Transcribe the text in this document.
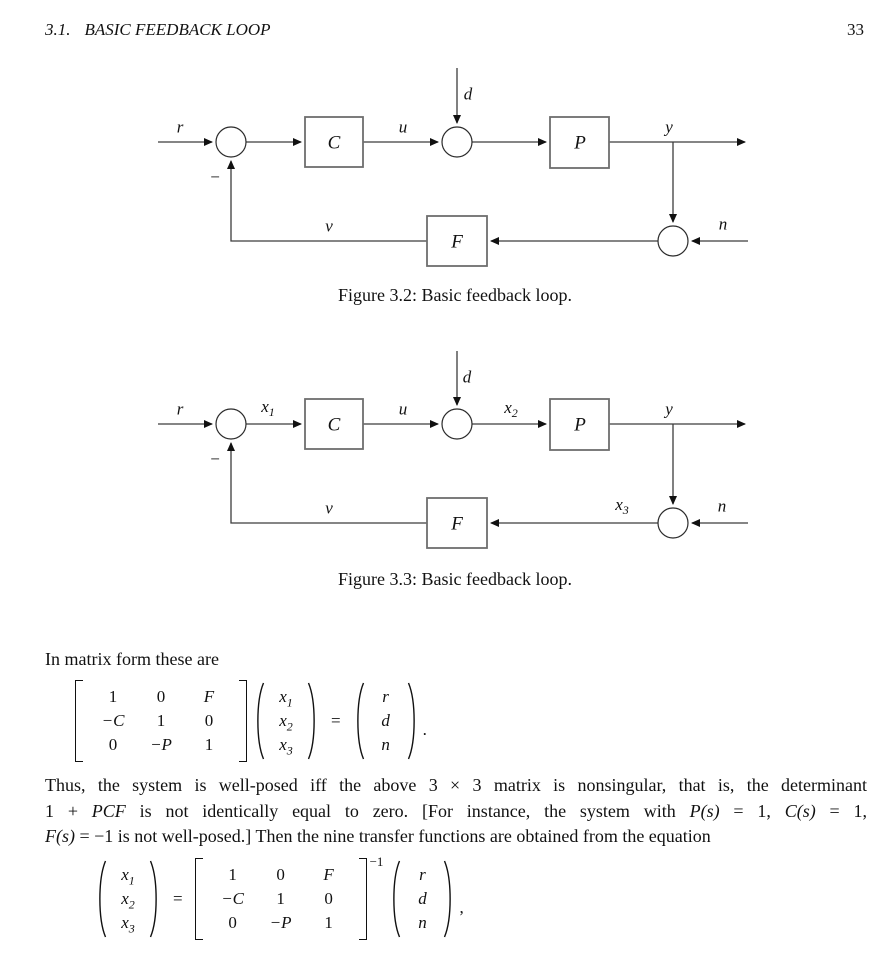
3.1. BASIC FEEDBACK LOOP	33
r	u
d
y
n
v
−
C	P
F
Figure 3.2: Basic feedback loop.
r	$x_1$	u
d
$x_2$	y
$x_3$	n
v
−
C	P
F
Figure 3.3: Basic feedback loop.
In matrix form these are
1	0	F
−C	1	0
0	−P	1
$x_1$
$x_2$
$x_3$
=
r
d
n
.
Thus, the system is well-posed iff the above 3 × 3 matrix is nonsingular, that is, the determinant
1 + PCF is not identically equal to zero. [For instance, the system with P(s) = 1, C(s) = 1,
F(s) = −1 is not well-posed.] Then the nine transfer functions are obtained from the equation
$x_1$
$x_2$
$x_3$
=
1	0	F
−C	1	0
0	−P	1
−1
r
d
n
,
